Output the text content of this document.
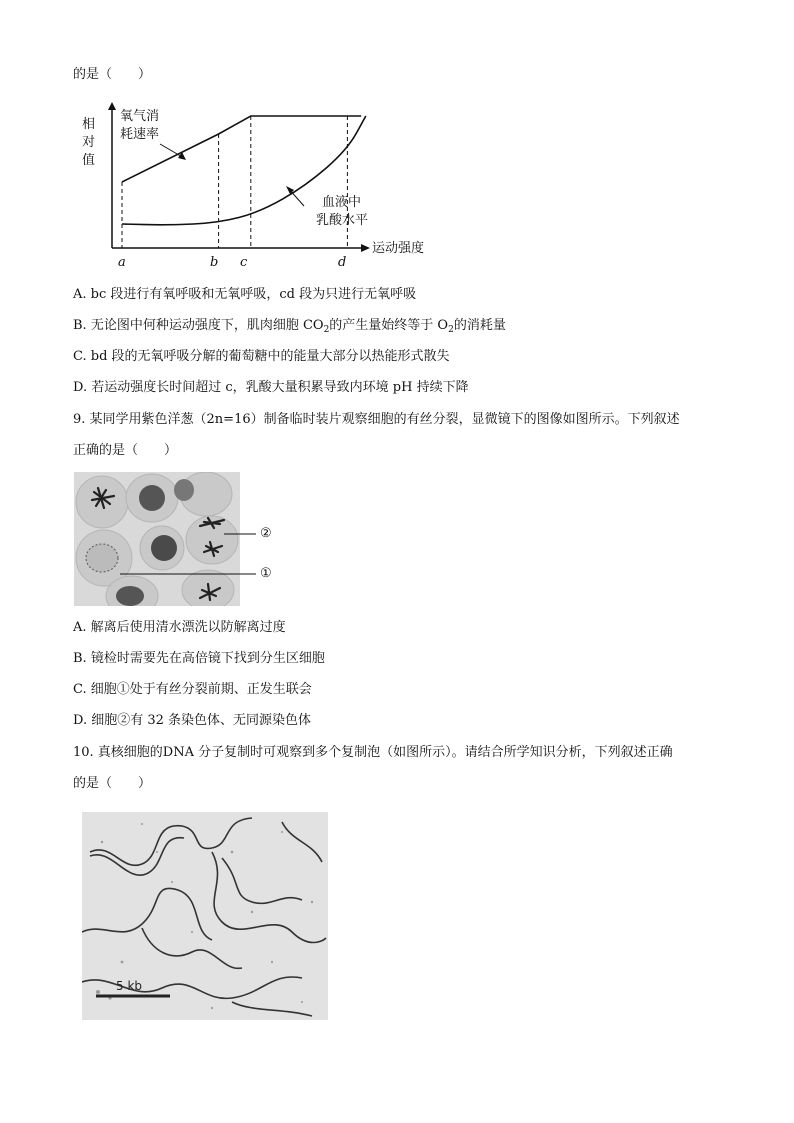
的是（　　）
相
对
值
运动强度
氧气消
耗速率
血液中
乳酸水平
a	b c	d
A. bc 段进行有氧呼吸和无氧呼吸，cd 段为只进行无氧呼吸
B. 无论图中何种运动强度下，肌肉细胞 $CO_2$的产生量始终等于 $O_2$的消耗量
C. bd 段的无氧呼吸分解的葡萄糖中的能量大部分以热能形式散失
D. 若运动强度长时间超过 c，乳酸大量积累导致内环境 pH 持续下降
9. 某同学用紫色洋葱（2n=16）制备临时装片观察细胞的有丝分裂，显微镜下的图像如图所示。下列叙述
正确的是（　　）
②
①
A. 解离后使用清水漂洗以防解离过度
B. 镜检时需要先在高倍镜下找到分生区细胞
C. 细胞①处于有丝分裂前期、正发生联会
D. 细胞②有 32 条染色体、无同源染色体
10. 真核细胞的DNA 分子复制时可观察到多个复制泡（如图所示）。请结合所学知识分析，下列叙述正确
的是（　　）
5 kb
